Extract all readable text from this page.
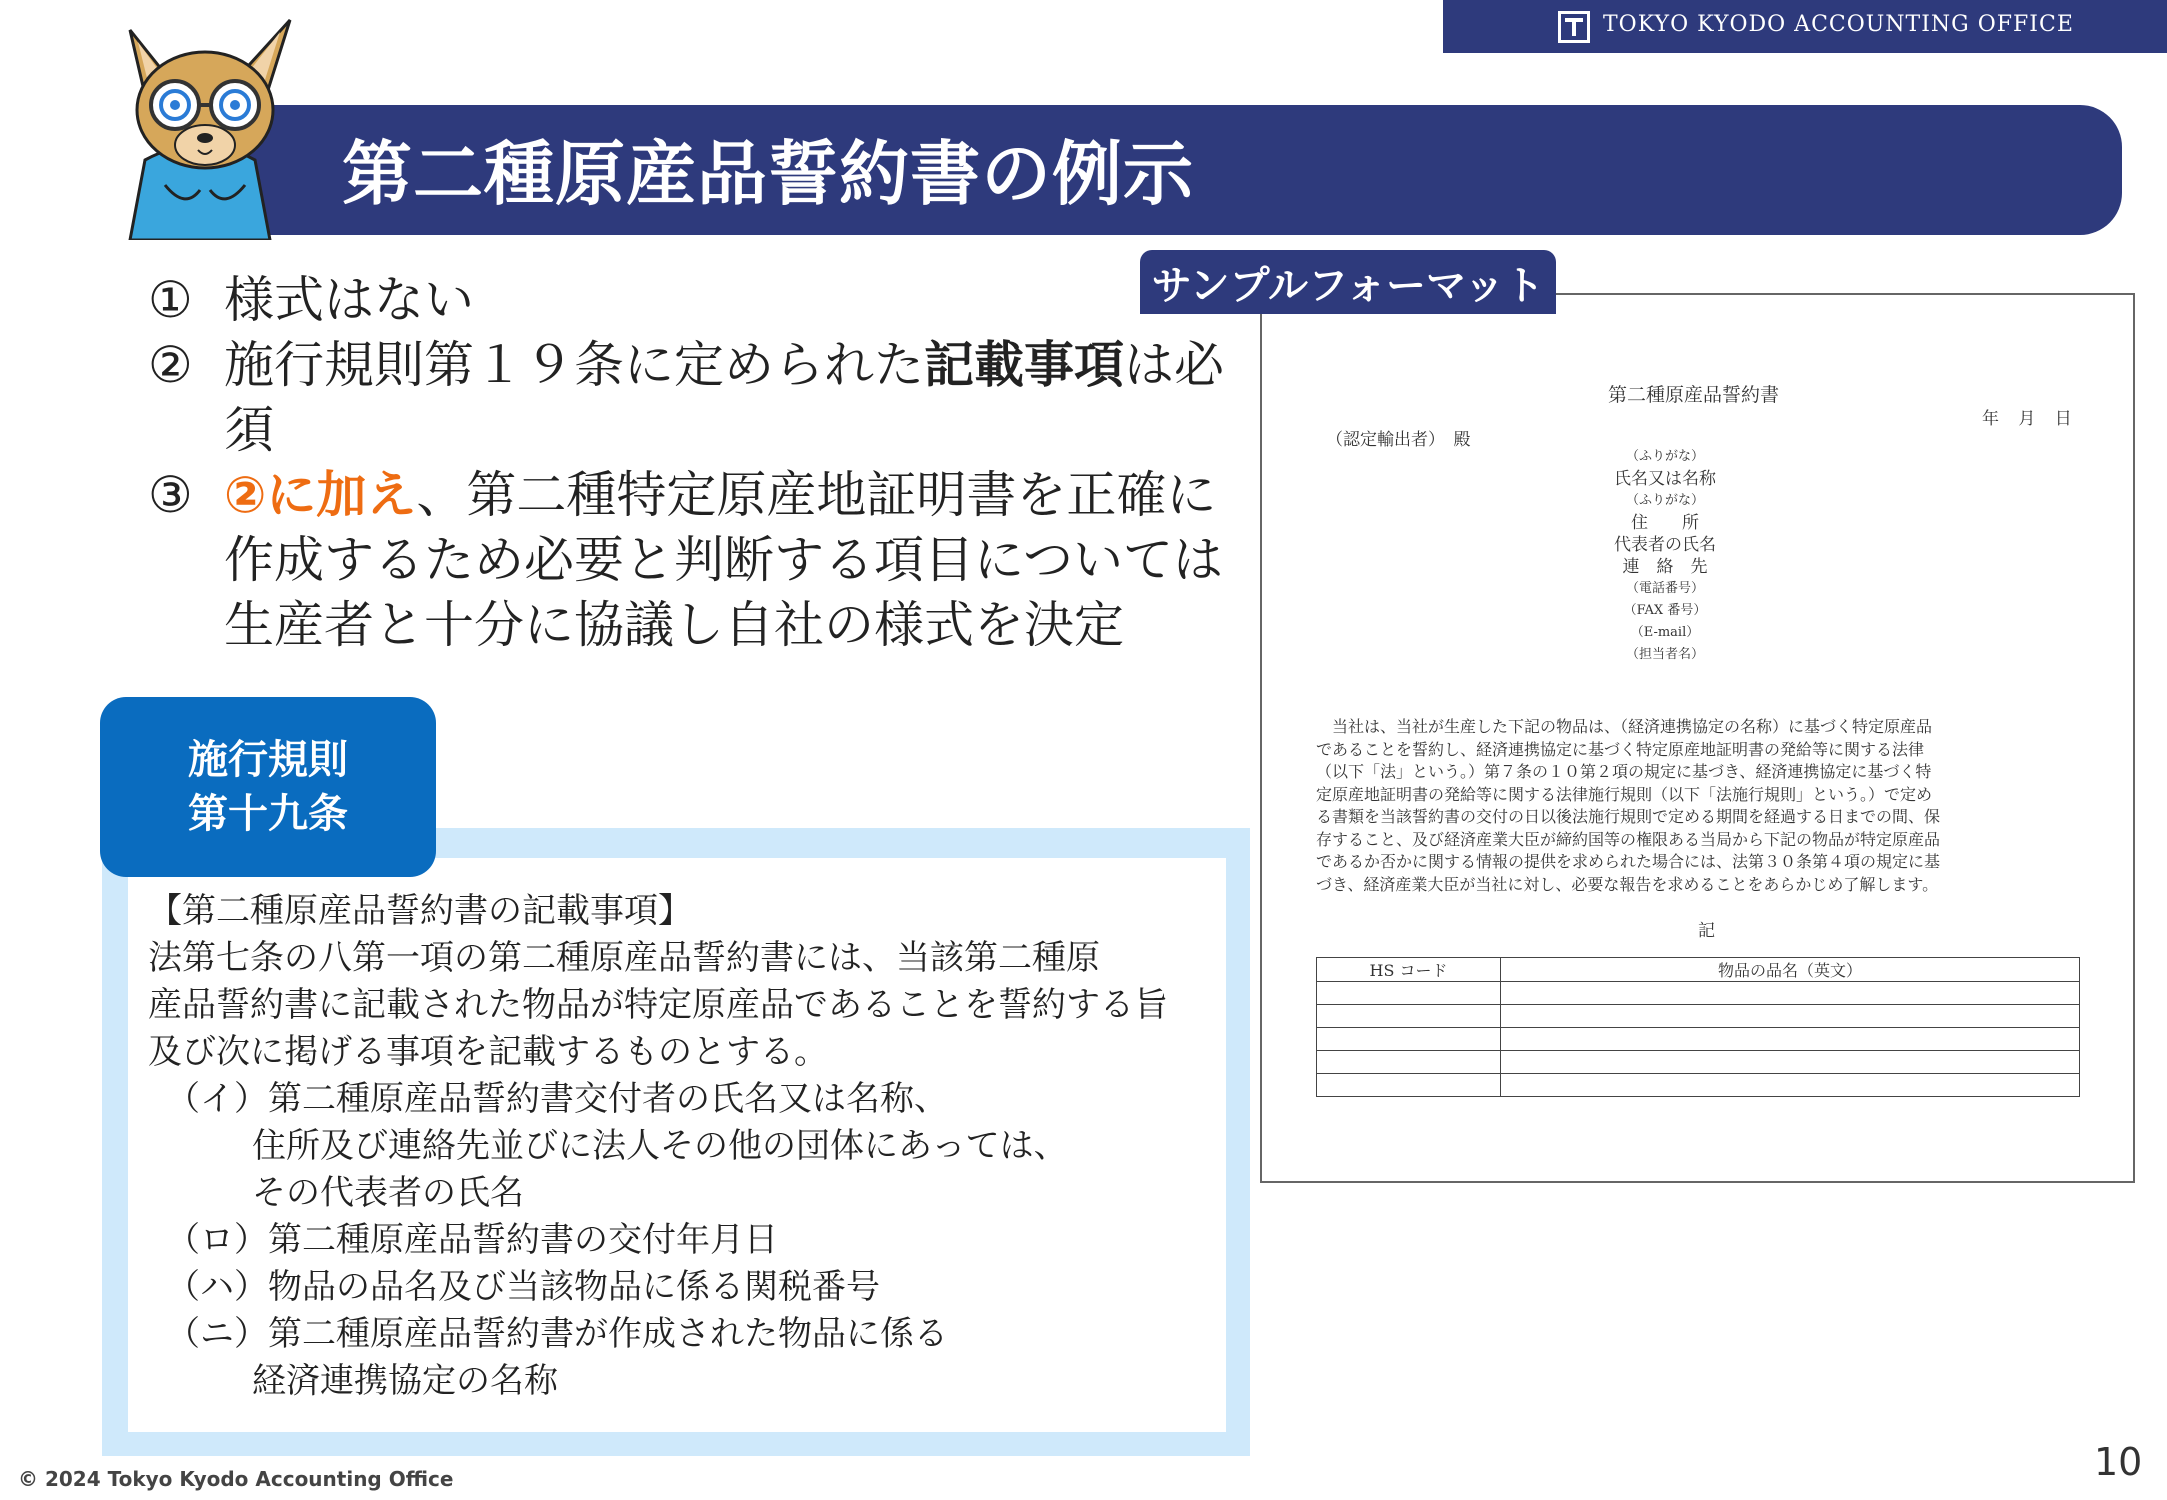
TOKYO KYODO ACCOUNTING OFFICE
第二種原産品誓約書の例示
サンプルフォーマット
第二種原産品誓約書
年 月 日
（認定輸出者）　殿
（ふりがな）
氏名又は名称
（ふりがな）
住　　所
代表者の氏名
連　絡　先
（電話番号）
（FAX 番号）
（E-mail）
（担当者名）
　当社は、当社が生産した下記の物品は、（経済連携協定の名称）に基づく特定原産品
であることを誓約し、経済連携協定に基づく特定原産地証明書の発給等に関する法律
（以下「法」という。）第７条の１０第２項の規定に基づき、経済連携協定に基づく特
定原産地証明書の発給等に関する法律施行規則（以下「法施行規則」という。）で定め
る書類を当該誓約書の交付の日以後法施行規則で定める期間を経過する日までの間、保
存すること、及び経済産業大臣が締約国等の権限ある当局から下記の物品が特定原産品
であるか否かに関する情報の提供を求められた場合には、法第３０条第４項の規定に基
づき、経済産業大臣が当社に対し、必要な報告を求めることをあらかじめ了解します。
記
HS コード	物品の品名（英文）

① 様式はない
② 施行規則第１９条に定められた記載事項は必須
③ ②に加え、第二種特定原産地証明書を正確に作成するため必要と判断する項目については生産者と十分に協議し自社の様式を決定
施行規則
第十九条
【第二種原産品誓約書の記載事項】
法第七条の八第一項の第二種原産品誓約書には、当該第二種原
産品誓約書に記載された物品が特定原産品であることを誓約する旨
及び次に掲げる事項を記載するものとする。
（イ）第二種原産品誓約書交付者の氏名又は名称、
住所及び連絡先並びに法人その他の団体にあっては、
その代表者の氏名
（ロ）第二種原産品誓約書の交付年月日
（ハ）物品の品名及び当該物品に係る関税番号
（ニ）第二種原産品誓約書が作成された物品に係る
経済連携協定の名称
© 2024 Tokyo Kyodo Accounting Office	10
